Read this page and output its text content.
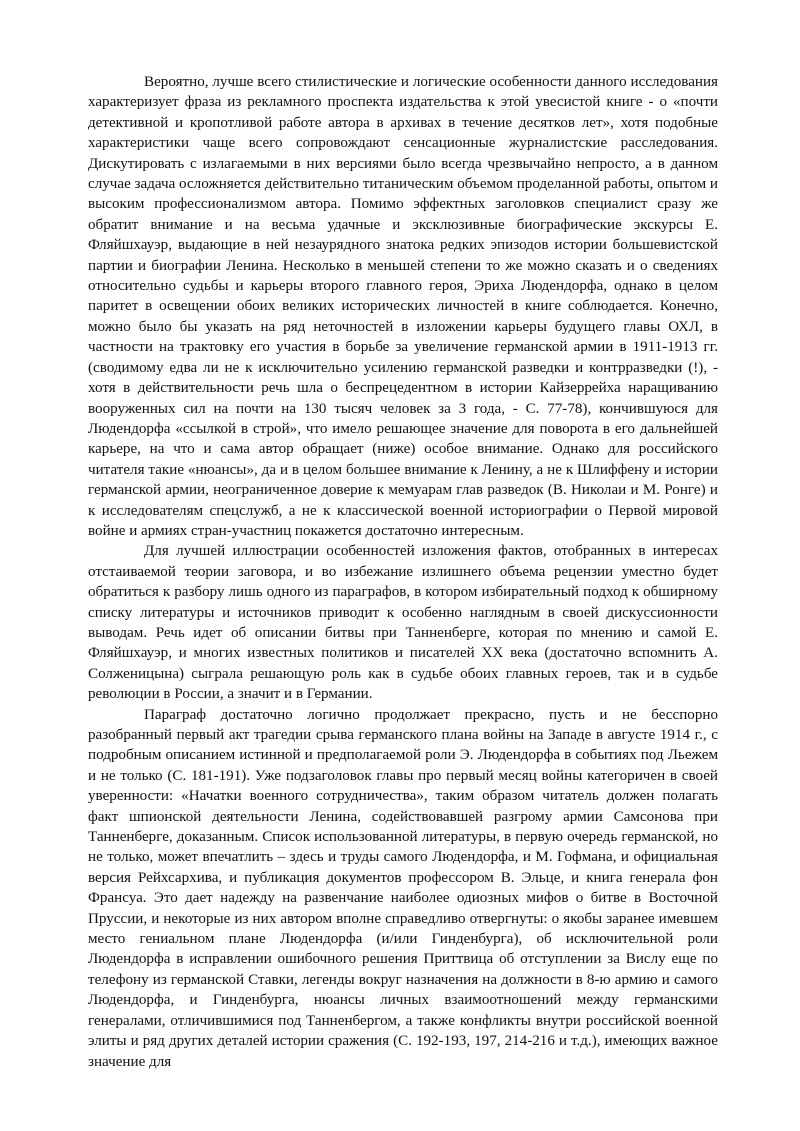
Вероятно, лучше всего стилистические и логические особенности данного исследования характеризует фраза из рекламного проспекта издательства к этой увесистой книге - о «почти детективной и кропотливой работе автора в архивах в течение десятков лет», хотя подобные характеристики чаще всего сопровождают сенсационные журналистские расследования. Дискутировать с излагаемыми в них версиями было всегда чрезвычайно непросто, а в данном случае задача осложняется действительно титаническим объемом проделанной работы, опытом и высоким профессионализмом автора. Помимо эффектных заголовков специалист сразу же обратит внимание и на весьма удачные и эксклюзивные биографические экскурсы Е. Фляйшхауэр, выдающие в ней незаурядного знатока редких эпизодов истории большевистской партии и биографии Ленина. Несколько в меньшей степени то же можно сказать и о сведениях относительно судьбы и карьеры второго главного героя, Эриха Людендорфа, однако в целом паритет в освещении обоих великих исторических личностей в книге соблюдается. Конечно, можно было бы указать на ряд неточностей в изложении карьеры будущего главы ОХЛ, в частности на трактовку его участия в борьбе за увеличение германской армии в 1911-1913 гг. (сводимому едва ли не к исключительно усилению германской разведки и контрразведки (!), - хотя в действительности речь шла о беспрецедентном в истории Кайзеррейха наращиванию вооруженных сил на почти на 130 тысяч человек за 3 года, - С. 77-78), кончившуюся для Людендорфа «ссылкой в строй», что имело решающее значение для поворота в его дальнейшей карьере, на что и сама автор обращает (ниже) особое внимание. Однако для российского читателя такие «нюансы», да и в целом большее внимание к Ленину, а не к Шлиффену и истории германской армии, неограниченное доверие к мемуарам глав разведок (В. Николаи и М. Ронге) и к исследователям спецслужб, а не к классической военной историографии о Первой мировой войне и армиях стран-участниц покажется достаточно интересным.

Для лучшей иллюстрации особенностей изложения фактов, отобранных в интересах отстаиваемой теории заговора, и во избежание излишнего объема рецензии уместно будет обратиться к разбору лишь одного из параграфов, в котором избирательный подход к обширному списку литературы и источников приводит к особенно наглядным в своей дискуссионности выводам. Речь идет об описании битвы при Танненберге, которая по мнению и самой Е. Фляйшхауэр, и многих известных политиков и писателей XX века (достаточно вспомнить А. Солженицына) сыграла решающую роль как в судьбе обоих главных героев, так и в судьбе революции в России, а значит и в Германии.

Параграф достаточно логично продолжает прекрасно, пусть и не бесспорно разобранный первый акт трагедии срыва германского плана войны на Западе в августе 1914 г., с подробным описанием истинной и предполагаемой роли Э. Людендорфа в событиях под Льежем и не только (С. 181-191). Уже подзаголовок главы про первый месяц войны категоричен в своей уверенности: «Начатки военного сотрудничества», таким образом читатель должен полагать факт шпионской деятельности Ленина, содействовавшей разгрому армии Самсонова при Танненберге, доказанным. Список использованной литературы, в первую очередь германской, но не только, может впечатлить – здесь и труды самого Людендорфа, и М. Гофмана, и официальная версия Рейхсархива, и публикация документов профессором В. Эльце, и книга генерала фон Франсуа. Это дает надежду на развенчание наиболее одиозных мифов о битве в Восточной Пруссии, и некоторые из них автором вполне справедливо отвергнуты: о якобы заранее имевшем место гениальном плане Людендорфа (и/или Гинденбурга), об исключительной роли Людендорфа в исправлении ошибочного решения Приттвица об отступлении за Вислу еще по телефону из германской Ставки, легенды вокруг назначения на должности в 8-ю армию и самого Людендорфа, и Гинденбурга, нюансы личных взаимоотношений между германскими генералами, отличившимися под Танненбергом, а также конфликты внутри российской военной элиты и ряд других деталей истории сражения (С. 192-193, 197, 214-216 и т.д.), имеющих важное значение для
